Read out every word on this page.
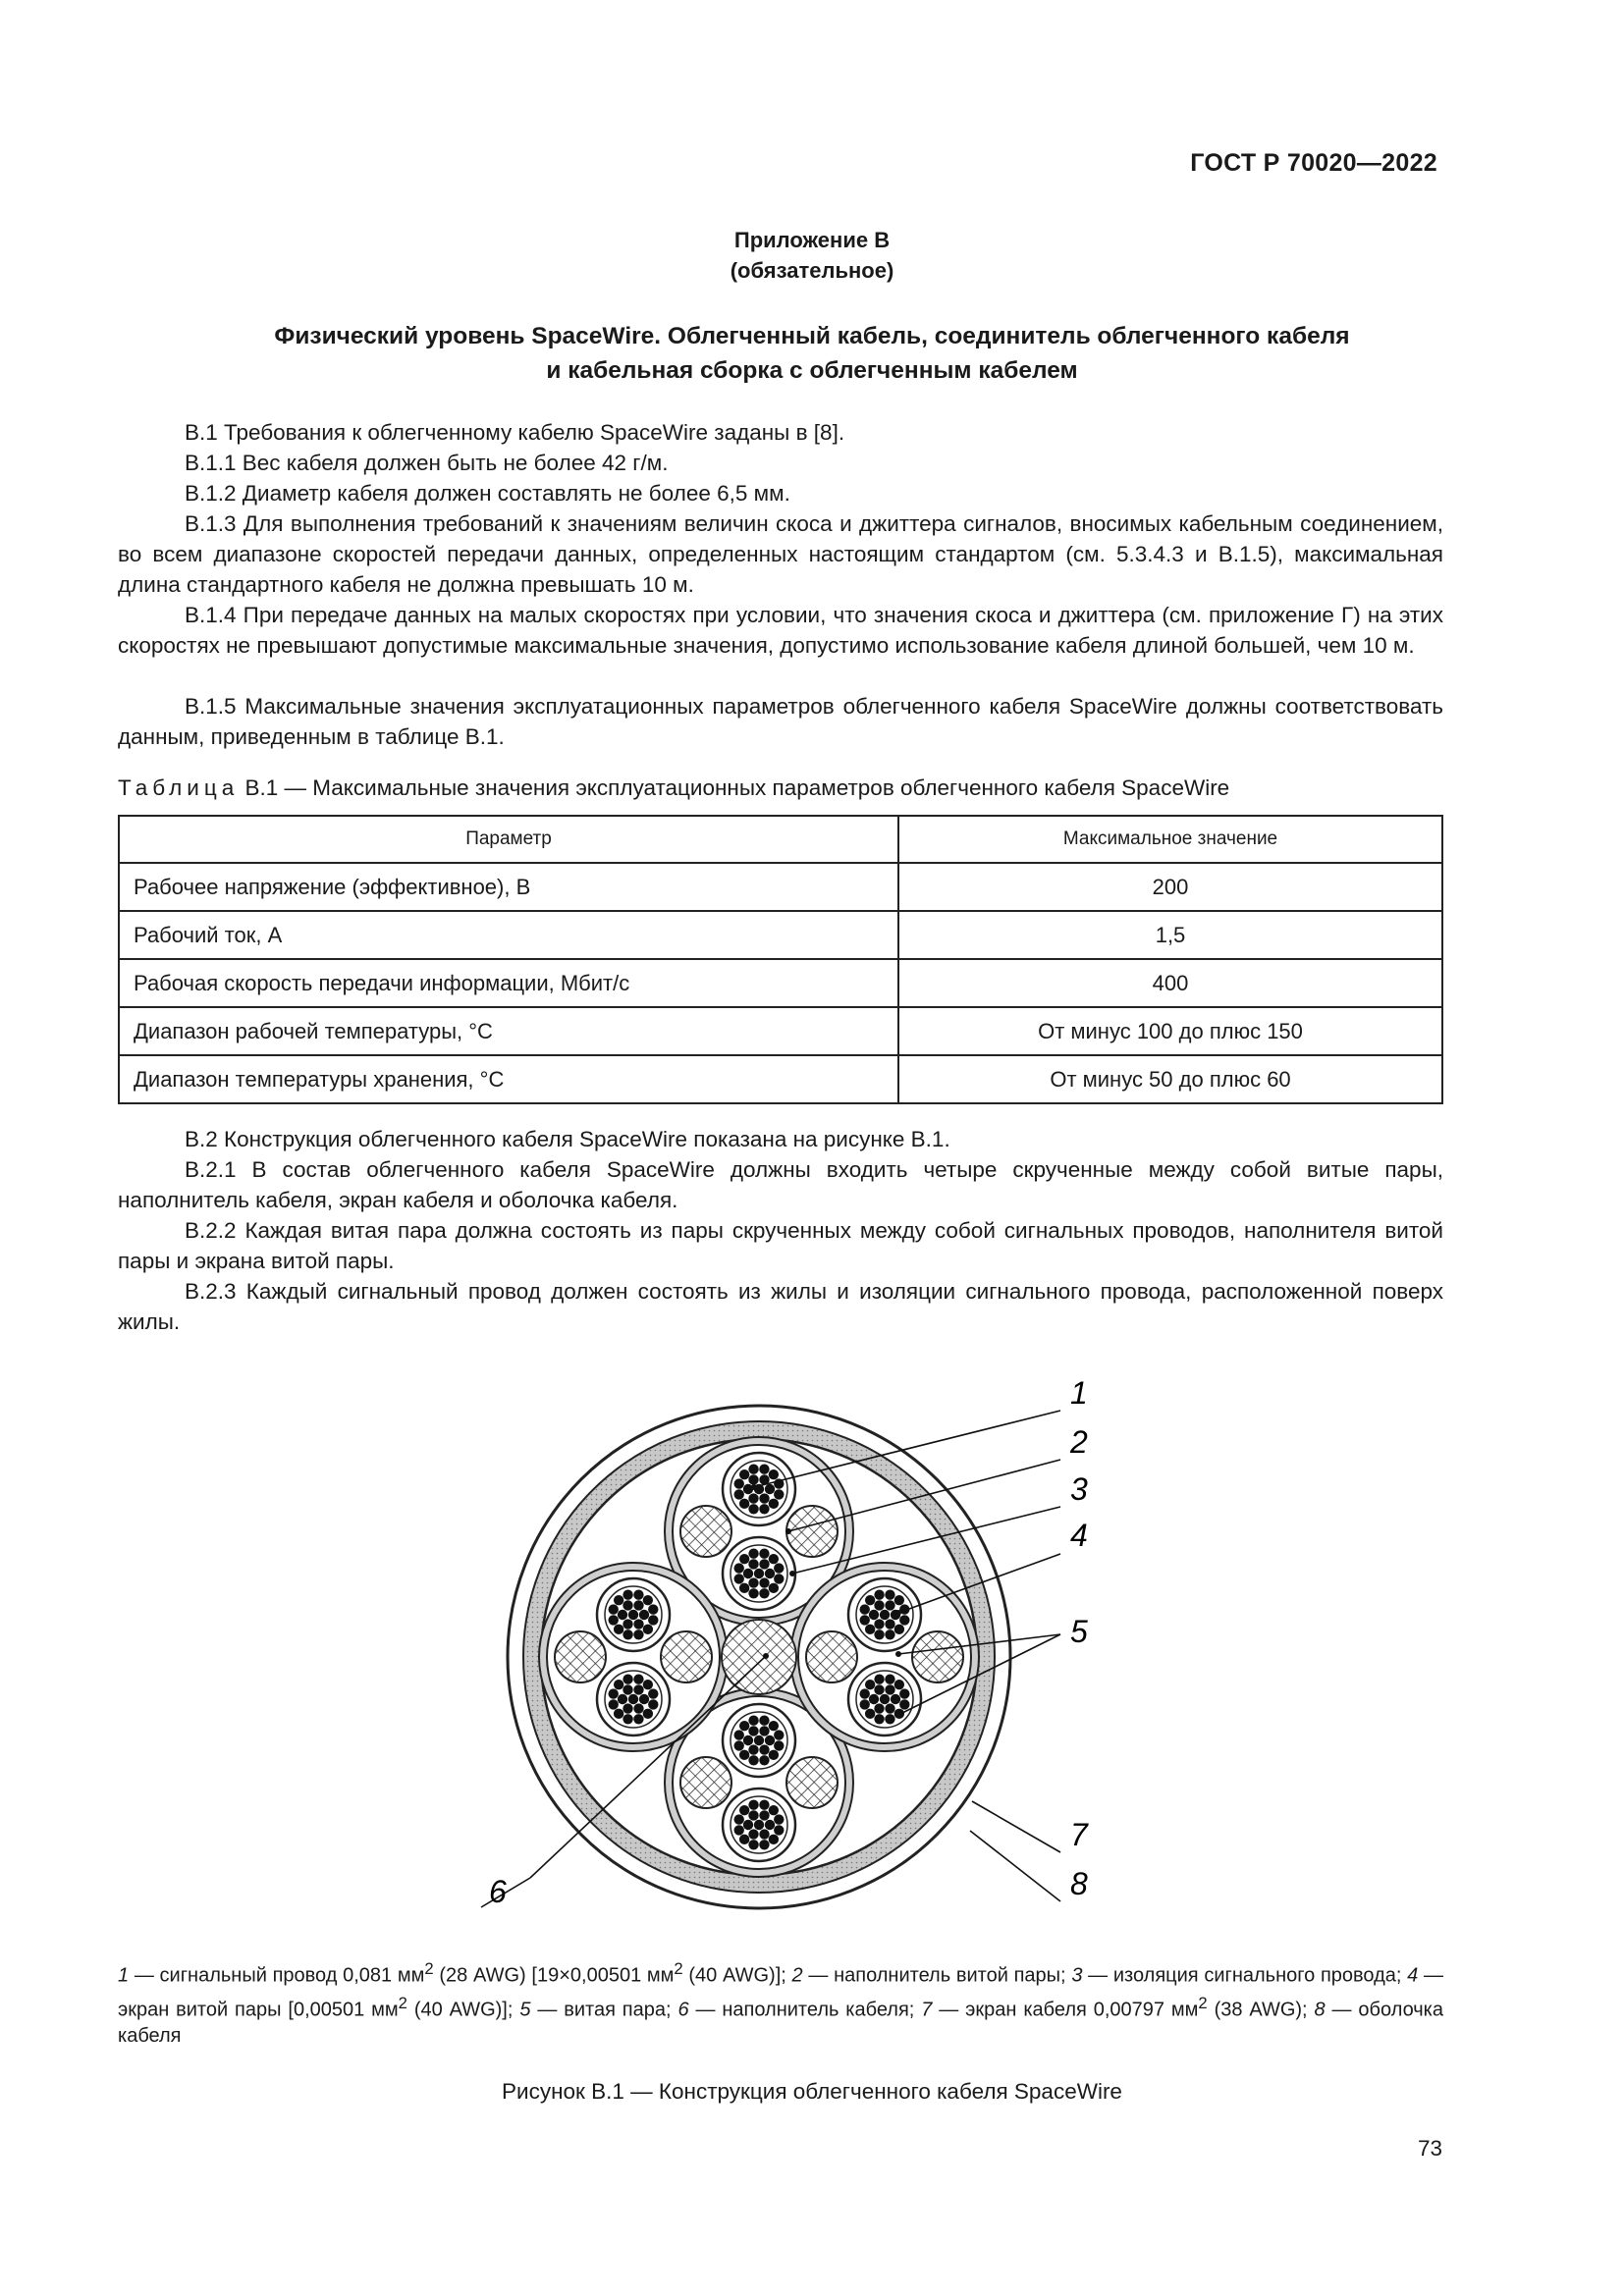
ГОСТ Р 70020—2022
Приложение В
(обязательное)
Физический уровень SpaceWire. Облегченный кабель, соединитель облегченного кабеля
и кабельная сборка с облегченным кабелем
В.1 Требования к облегченному кабелю SpaceWire заданы в [8].
В.1.1 Вес кабеля должен быть не более 42 г/м.
В.1.2 Диаметр кабеля должен составлять не более 6,5 мм.
В.1.3 Для выполнения требований к значениям величин скоса и джиттера сигналов, вносимых кабельным соединением, во всем диапазоне скоростей передачи данных, определенных настоящим стандартом (см. 5.3.4.3 и В.1.5), максимальная длина стандартного кабеля не должна превышать 10 м.
В.1.4 При передаче данных на малых скоростях при условии, что значения скоса и джиттера (см. приложение Г) на этих скоростях не превышают допустимые максимальные значения, допустимо использование кабеля длиной большей, чем 10 м.
В.1.5 Максимальные значения эксплуатационных параметров облегченного кабеля SpaceWire должны соответствовать данным, приведенным в таблице В.1.
Таблица В.1 — Максимальные значения эксплуатационных параметров облегченного кабеля SpaceWire
Параметр	Максимальное значение
Рабочее напряжение (эффективное), В	200
Рабочий ток, А	1,5
Рабочая скорость передачи информации, Мбит/с	400
Диапазон рабочей температуры, °С	От минус 100 до плюс 150
Диапазон температуры хранения, °С	От минус 50 до плюс 60
В.2 Конструкция облегченного кабеля SpaceWire показана на рисунке В.1.
В.2.1 В состав облегченного кабеля SpaceWire должны входить четыре скрученные между собой витые пары, наполнитель кабеля, экран кабеля и оболочка кабеля.
В.2.2 Каждая витая пара должна состоять из пары скрученных между собой сигнальных проводов, наполнителя витой пары и экрана витой пары.
В.2.3 Каждый сигнальный провод должен состоять из жилы и изоляции сигнального провода, расположенной поверх жилы.
1
2
3
4
5
6
7
8
1 — сигнальный провод 0,081 $мм^2$ (28 AWG) [19×0,00501 $мм^2$ (40 AWG)]; 2 — наполнитель витой пары; 3 — изоляция сигнального провода; 4 — экран витой пары [0,00501 $мм^2$ (40 AWG)]; 5 — витая пара; 6 — наполнитель кабеля; 7 — экран кабеля 0,00797 $мм^2$ (38 AWG); 8 — оболочка кабеля
Рисунок В.1 — Конструкция облегченного кабеля SpaceWire
73
